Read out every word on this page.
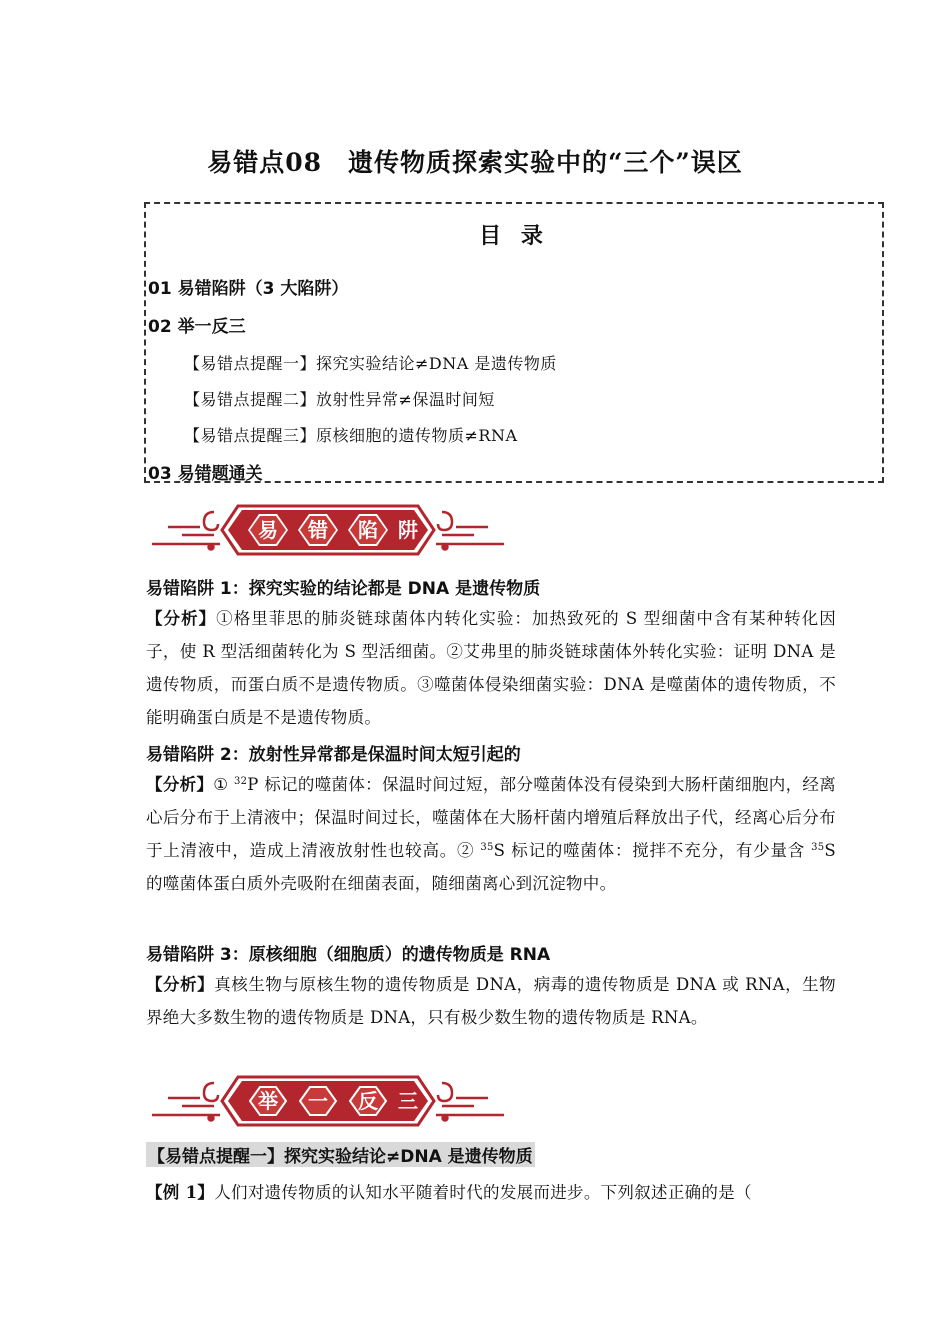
易错点08　遗传物质探索实验中的“三个”误区
目 录
01 易错陷阱（3 大陷阱）
02 举一反三
【易错点提醒一】探究实验结论≠DNA 是遗传物质
【易错点提醒二】放射性异常≠保温时间短
【易错点提醒三】原核细胞的遗传物质≠RNA
03 易错题通关
易 错 陷 阱
易错陷阱 1：探究实验的结论都是 DNA 是遗传物质
【分析】①格里菲思的肺炎链球菌体内转化实验：加热致死的 S 型细菌中含有某种转化因子，使 R 型活细菌转化为 S 型活细菌。②艾弗里的肺炎链球菌体外转化实验：证明 DNA 是遗传物质，而蛋白质不是遗传物质。③噬菌体侵染细菌实验：DNA 是噬菌体的遗传物质，不能明确蛋白质是不是遗传物质。
易错陷阱 2：放射性异常都是保温时间太短引起的
【分析】① $^{32}$P 标记的噬菌体：保温时间过短，部分噬菌体没有侵染到大肠杆菌细胞内，经离心后分布于上清液中；保温时间过长，噬菌体在大肠杆菌内增殖后释放出子代，经离心后分布于上清液中，造成上清液放射性也较高。② $^{35}$S 标记的噬菌体：搅拌不充分，有少量含 $^{35}$S 的噬菌体蛋白质外壳吸附在细菌表面，随细菌离心到沉淀物中。
易错陷阱 3：原核细胞（细胞质）的遗传物质是 RNA
【分析】真核生物与原核生物的遗传物质是 DNA，病毒的遗传物质是 DNA 或 RNA，生物界绝大多数生物的遗传物质是 DNA，只有极少数生物的遗传物质是 RNA。
举 一 反 三
【易错点提醒一】探究实验结论≠DNA 是遗传物质
【例 1】人们对遗传物质的认知水平随着时代的发展而进步。下列叙述正确的是（
